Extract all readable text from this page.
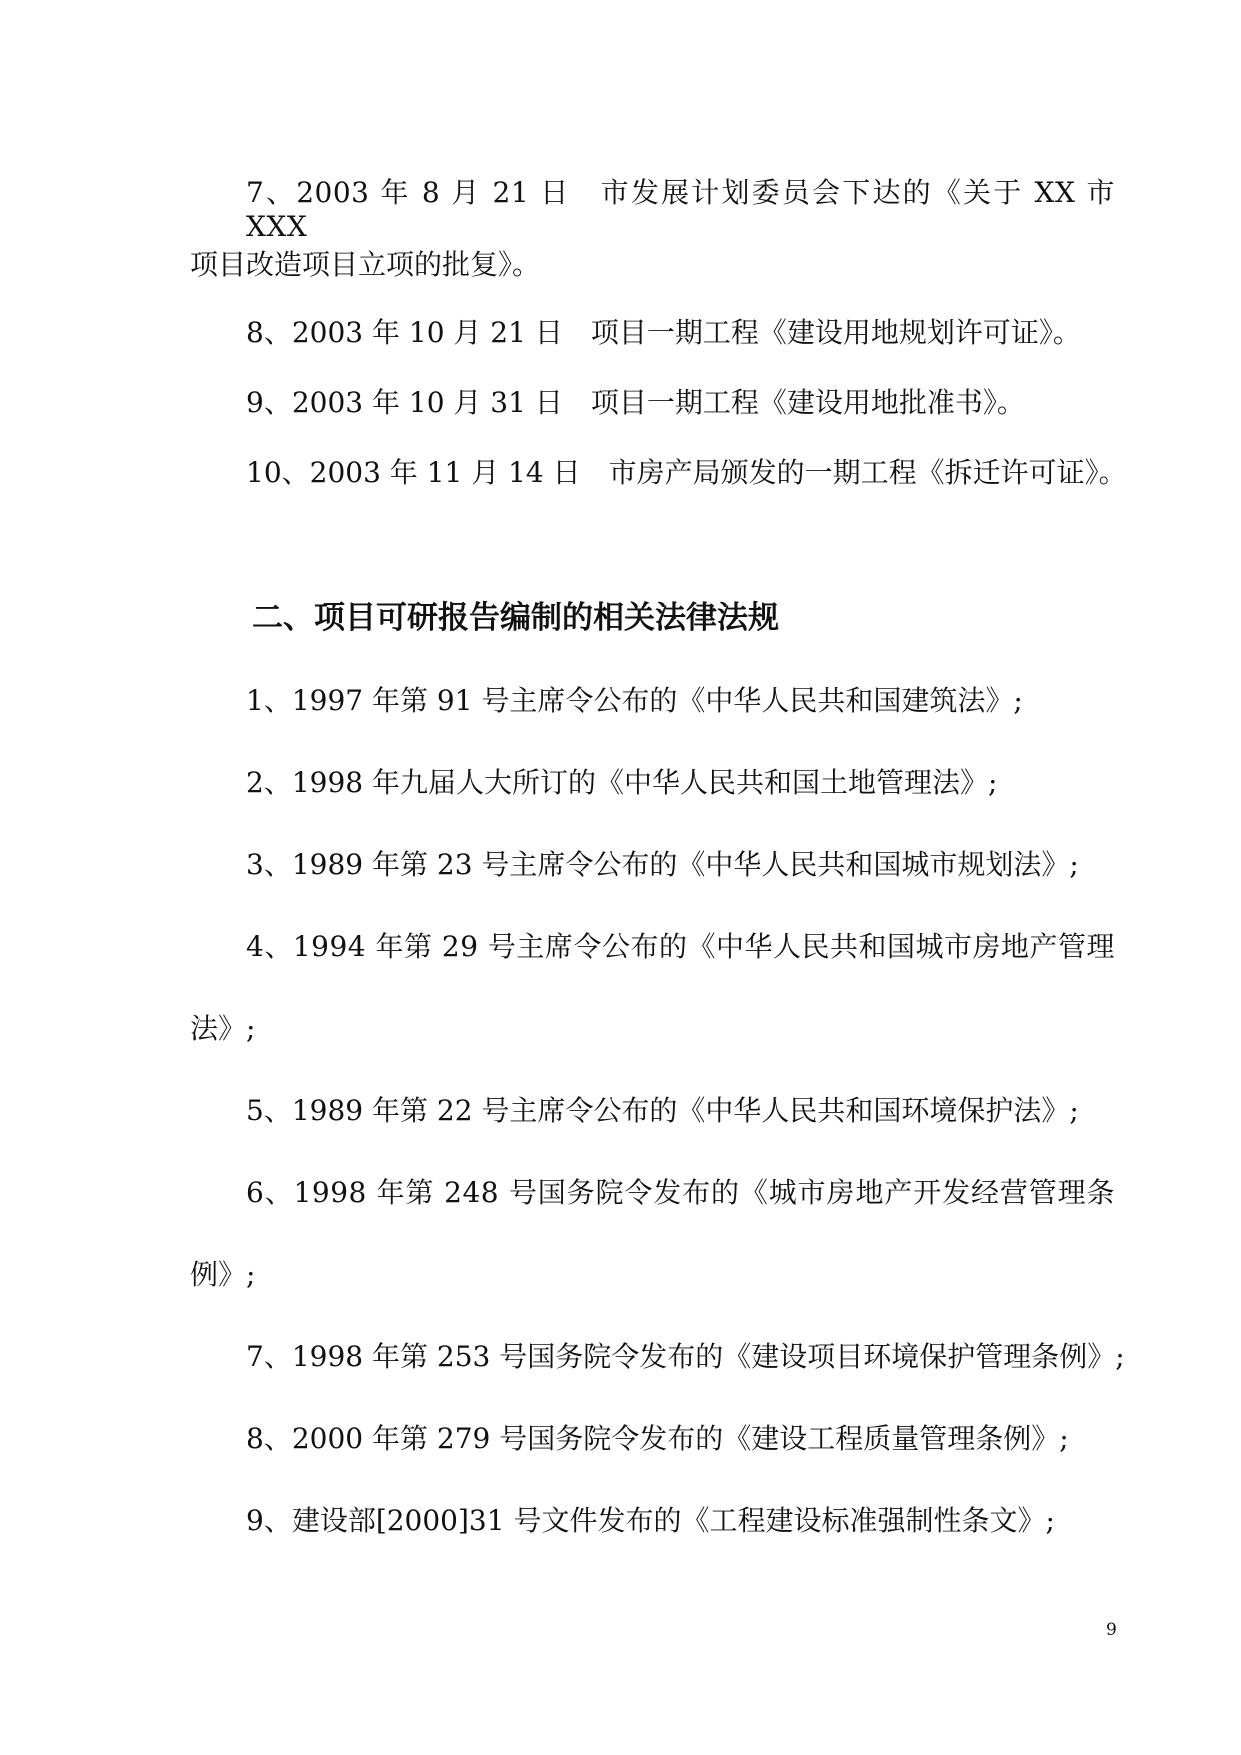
7、2003 年 8 月 21 日　市发展计划委员会下达的《关于 XX 市 XXX

项目改造项目立项的批复》。

8、2003 年 10 月 21 日　项目一期工程《建设用地规划许可证》。

9、2003 年 10 月 31 日　项目一期工程《建设用地批准书》。

10、2003 年 11 月 14 日　市房产局颁发的一期工程《拆迁许可证》。

二、项目可研报告编制的相关法律法规

1、1997 年第 91 号主席令公布的《中华人民共和国建筑法》;

2、1998 年九届人大所订的《中华人民共和国土地管理法》;

3、1989 年第 23 号主席令公布的《中华人民共和国城市规划法》;

4、1994 年第 29 号主席令公布的《中华人民共和国城市房地产管理

法》;

5、1989 年第 22 号主席令公布的《中华人民共和国环境保护法》;

6、1998 年第 248 号国务院令发布的《城市房地产开发经营管理条

例》;

7、1998 年第 253 号国务院令发布的《建设项目环境保护管理条例》;

8、2000 年第 279 号国务院令发布的《建设工程质量管理条例》;

9、建设部[2000]31 号文件发布的《工程建设标准强制性条文》;

9
